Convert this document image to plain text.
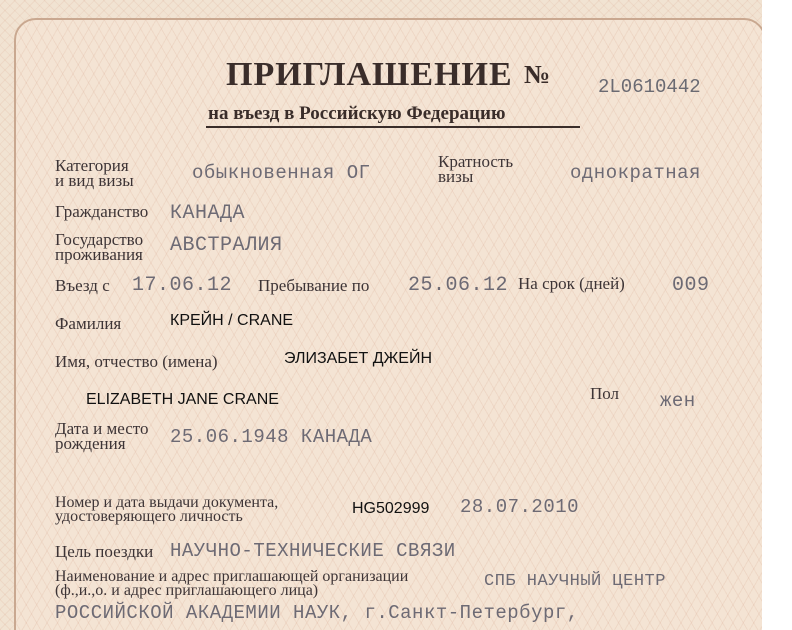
ПРИГЛАШЕНИЕ №	2L0610442
на въезд в Российскую Федерацию
Категория
и вид визы	обыкновенная ОГ
Кратность
визы	однократная
Гражданство КАНАДА
Государство
проживания АВСТРАЛИЯ
Въезд с 17.06.12 Пребывание по 25.06.12 На срок (дней) 009
Фамилия	КРЕЙН / CRANE
Имя, отчество (имена)	ЭЛИЗАБЕТ ДЖЕЙН
ELIZABETH JANE CRANE	Пол жен
Дата и место
рождения	25.06.1948 КАНАДА
Номер и дата выдачи документа,
удостоверяющего личность	HG502999 28.07.2010
Цель поездки НАУЧНО-ТЕХНИЧЕСКИЕ СВЯЗИ
Наименование и адрес приглашающей организации
(ф.,и.,о. и адрес приглашающего лица)	СПБ НАУЧНЫЙ ЦЕНТР
РОССИЙСКОЙ АКАДЕМИИ НАУК, г.Санкт-Петербург,
